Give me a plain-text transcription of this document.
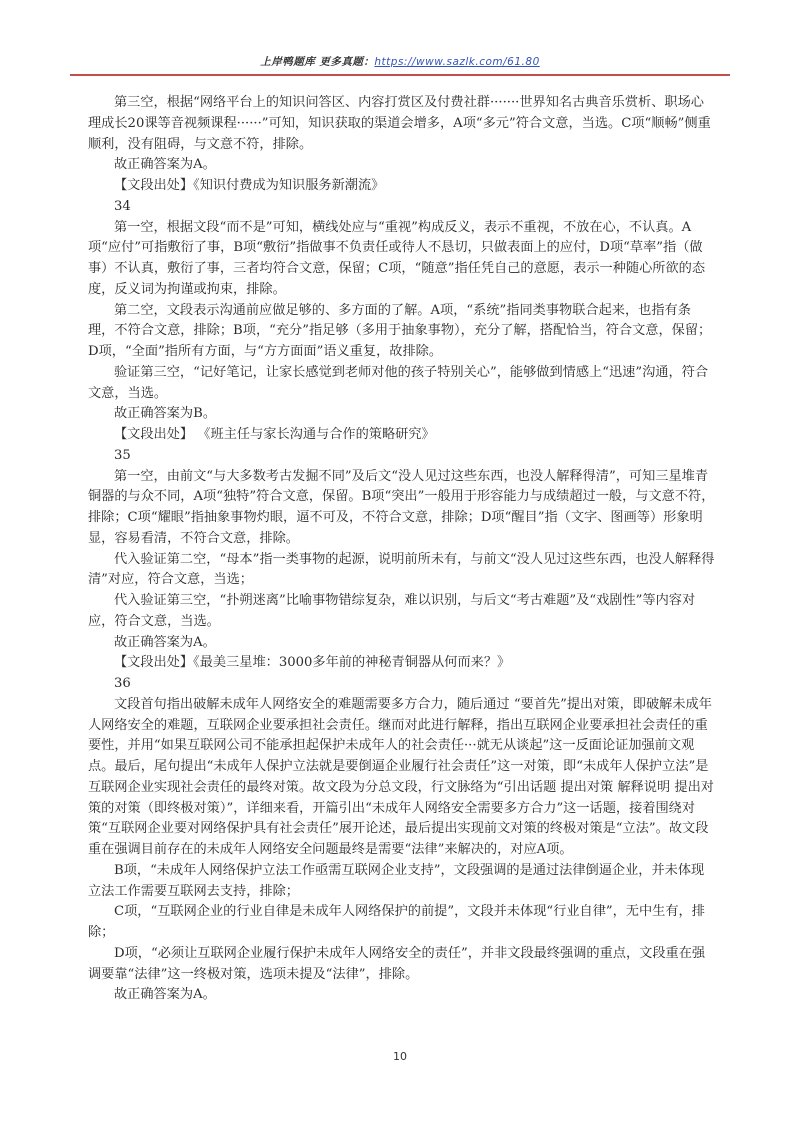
上岸鸭题库 更多真题：https://www.sazlk.com/61.80

第三空，根据“网络平台上的知识问答区、内容打赏区及付费社群·······世界知名古典音乐赏析、职场心理成长20课等音视频课程······”可知，知识获取的渠道会增多，A项“多元”符合文意，当选。C项“顺畅”侧重顺利，没有阻碍，与文意不符，排除。

故正确答案为A。

【文段出处】《知识付费成为知识服务新潮流》

34

第一空，根据文段“而不是”可知，横线处应与“重视”构成反义，表示不重视，不放在心，不认真。A项“应付”可指敷衍了事，B项“敷衍”指做事不负责任或待人不恳切，只做表面上的应付，D项“草率”指（做事）不认真，敷衍了事，三者均符合文意，保留；C项，“随意”指任凭自己的意愿，表示一种随心所欲的态度，反义词为拘谨或拘束，排除。

第二空，文段表示沟通前应做足够的、多方面的了解。A项，“系统”指同类事物联合起来，也指有条理，不符合文意，排除；B项，“充分”指足够（多用于抽象事物），充分了解，搭配恰当，符合文意，保留；D项，“全面”指所有方面，与“方方面面”语义重复，故排除。

验证第三空，“记好笔记，让家长感觉到老师对他的孩子特别关心”，能够做到情感上“迅速”沟通，符合文意，当选。

故正确答案为B。

【文段出处】 《班主任与家长沟通与合作的策略研究》

35

第一空，由前文“与大多数考古发掘不同”及后文“没人见过这些东西，也没人解释得清”，可知三星堆青铜器的与众不同，A项“独特”符合文意，保留。B项“突出”一般用于形容能力与成绩超过一般，与文意不符，排除；C项“耀眼”指抽象事物灼眼，逼不可及，不符合文意，排除；D项“醒目”指（文字、图画等）形象明显，容易看清，不符合文意，排除。

代入验证第二空，“母本”指一类事物的起源，说明前所未有，与前文“没人见过这些东西，也没人解释得清”对应，符合文意，当选；

代入验证第三空，“扑朔迷离”比喻事物错综复杂，难以识别，与后文“考古难题”及“戏剧性”等内容对应，符合文意，当选。

故正确答案为A。

【文段出处】《最美三星堆：3000多年前的神秘青铜器从何而来？》

36

文段首句指出破解未成年人网络安全的难题需要多方合力，随后通过 “要首先”提出对策，即破解未成年人网络安全的难题，互联网企业要承担社会责任。继而对此进行解释，指出互联网企业要承担社会责任的重要性，并用“如果互联网公司不能承担起保护未成年人的社会责任···就无从谈起”这一反面论证加强前文观点。最后，尾句提出“未成年人保护立法就是要倒逼企业履行社会责任”这一对策，即“未成年人保护立法”是互联网企业实现社会责任的最终对策。故文段为分总文段，行文脉络为“引出话题 提出对策 解释说明 提出对策的对策（即终极对策）”，详细来看，开篇引出“未成年人网络安全需要多方合力”这一话题，接着围绕对策“互联网企业要对网络保护具有社会责任”展开论述，最后提出实现前文对策的终极对策是“立法”。故文段重在强调目前存在的未成年人网络安全问题最终是需要“法律”来解决的，对应A项。

B项，“未成年人网络保护立法工作亟需互联网企业支持”，文段强调的是通过法律倒逼企业，并未体现立法工作需要互联网去支持，排除；

C项，“互联网企业的行业自律是未成年人网络保护的前提”，文段并未体现“行业自律”，无中生有，排除；

D项，“必须让互联网企业履行保护未成年人网络安全的责任”，并非文段最终强调的重点，文段重在强调要靠“法律”这一终极对策，选项未提及“法律”，排除。

故正确答案为A。

10
